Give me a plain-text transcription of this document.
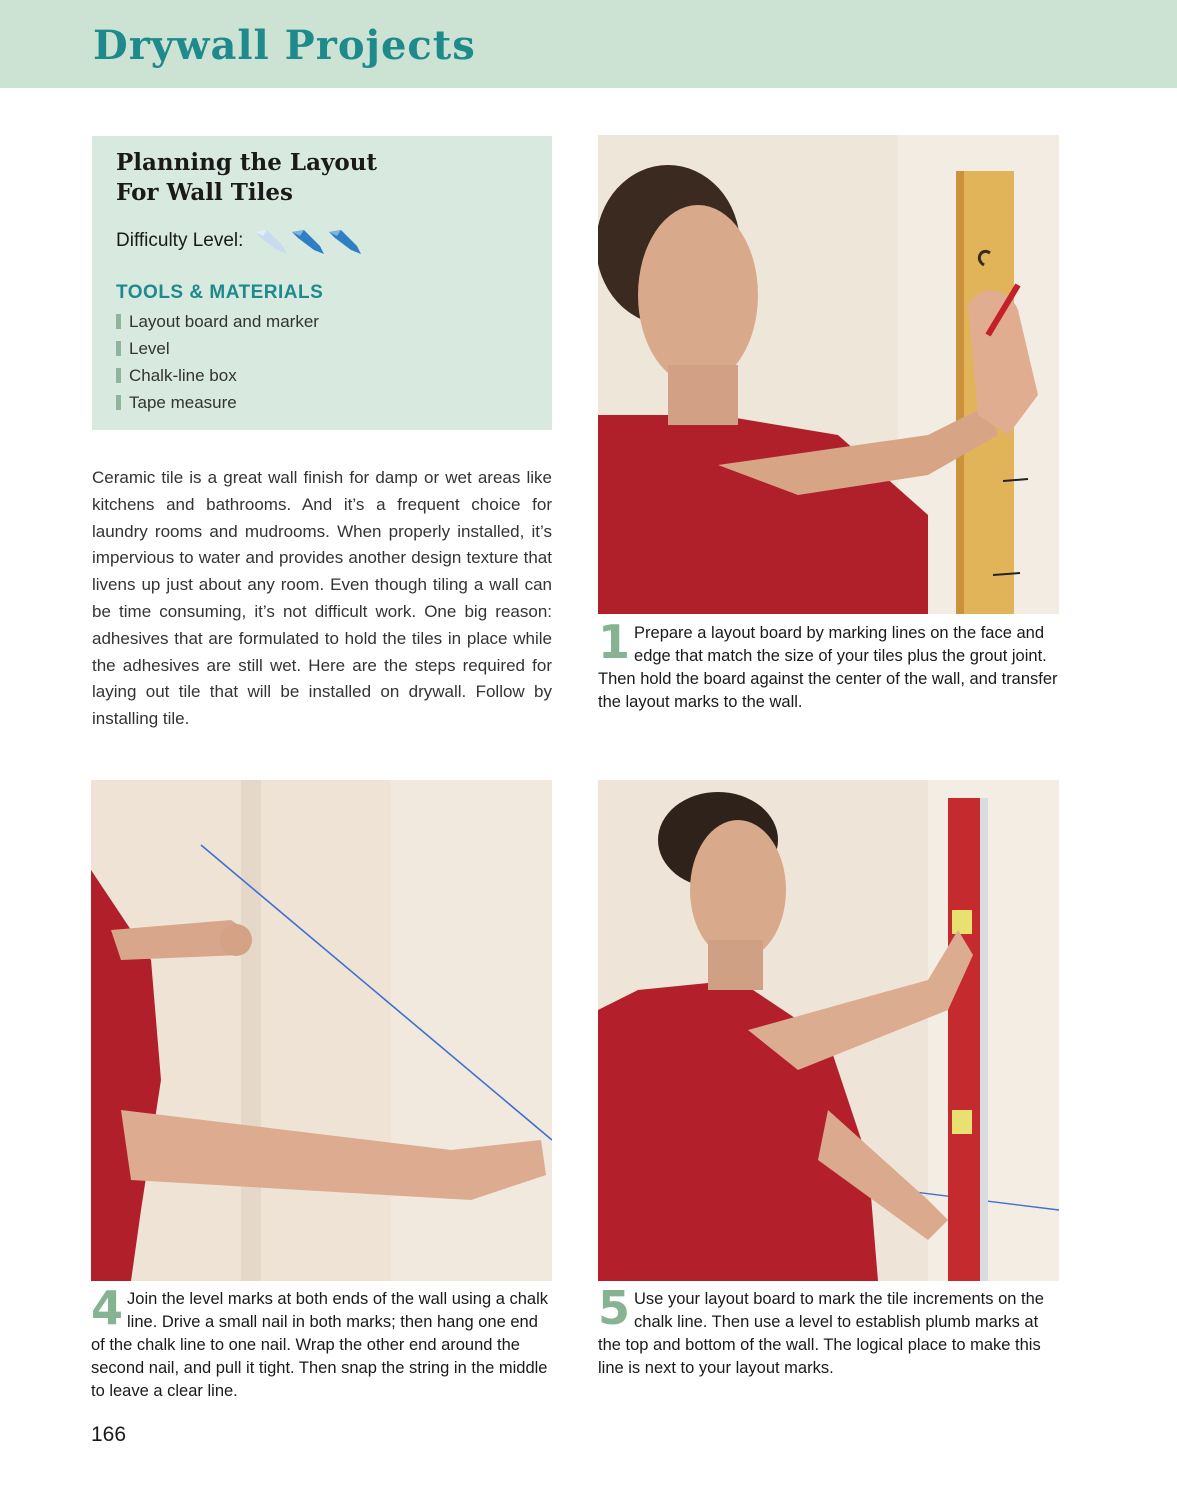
Drywall Projects
Planning the Layout
For Wall Tiles
Difficulty Level:
TOOLS & MATERIALS
Layout board and marker
Level
Chalk-line box
Tape measure

Ceramic tile is a great wall finish for damp or wet areas like kitchens and bathrooms. And it’s a frequent choice for laundry rooms and mudrooms. When properly installed, it’s impervious to water and provides another design texture that livens up just about any room. Even though tiling a wall can be time consuming, it’s not difficult work. One big reason: adhesives that are formulated to hold the tiles in place while the adhesives are still wet. Here are the steps required for laying out tile that will be installed on drywall. Follow by installing tile.

1 Prepare a layout board by marking lines on the face and edge that match the size of your tiles plus the grout joint. Then hold the board against the center of the wall, and transfer the layout marks to the wall.

4 Join the level marks at both ends of the wall using a chalk line. Drive a small nail in both marks; then hang one end of the chalk line to one nail. Wrap the other end around the second nail, and pull it tight. Then snap the string in the middle to leave a clear line.

5 Use your layout board to mark the tile increments on the chalk line. Then use a level to establish plumb marks at the top and bottom of the wall. The logical place to make this line is next to your layout marks.

166
